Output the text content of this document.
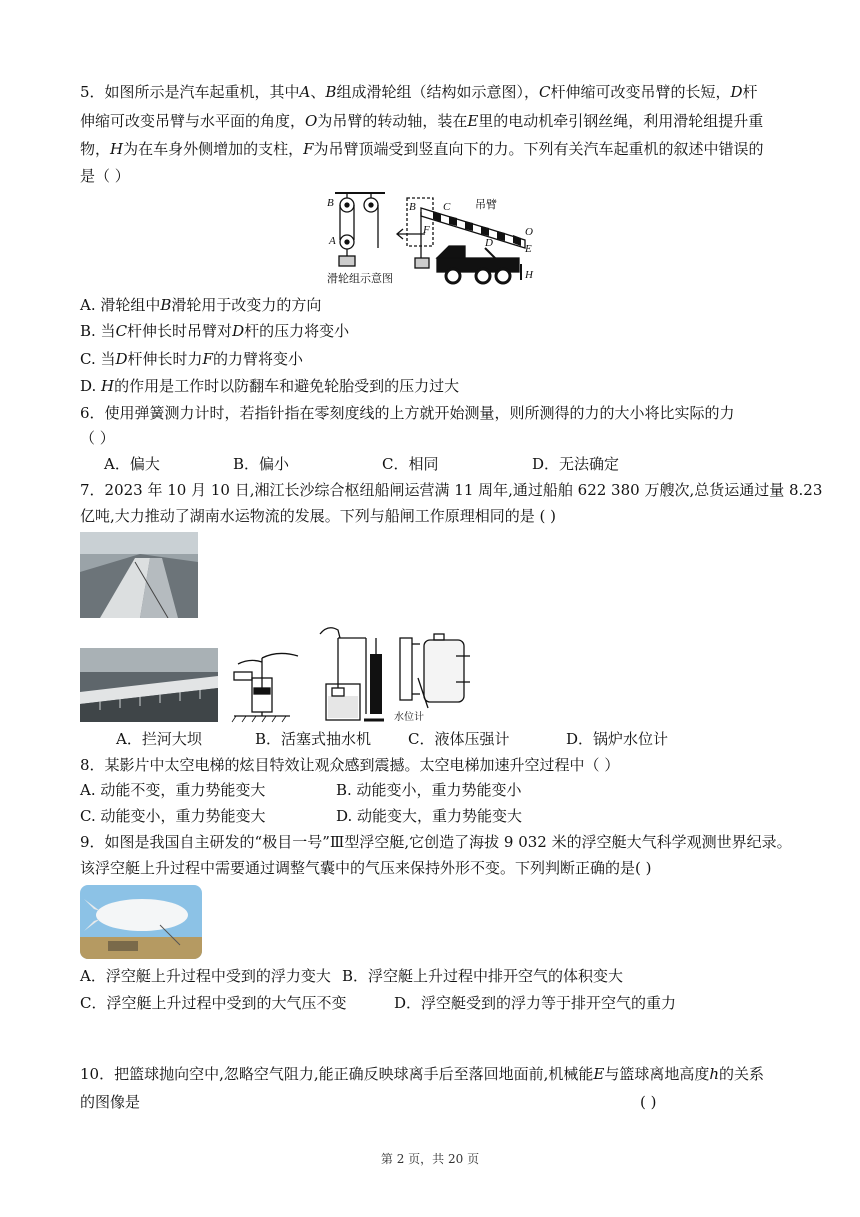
5．如图所示是汽车起重机，其中A、B组成滑轮组（结构如示意图），C杆伸缩可改变吊臂的长短，D杆
伸缩可改变吊臂与水平面的角度，O为吊臂的转动轴，装在E里的电动机牵引钢丝绳，利用滑轮组提升重
物，H为在车身外侧增加的支柱，F为吊臂顶端受到竖直向下的力。下列有关汽车起重机的叙述中错误的
是（ ）
B
A
B C
O
D	E
F
H
吊臂
滑轮组示意图
A. 滑轮组中B滑轮用于改变力的方向
B. 当C杆伸长时吊臂对D杆的压力将变小
C. 当D杆伸长时力F的力臂将变小
D. H的作用是工作时以防翻车和避免轮胎受到的压力过大
6．使用弹簧测力计时，若指针指在零刻度线的上方就开始测量，则所测得的力的大小将比实际的力
（ ）
A．偏大	B．偏小	C．相同	D．无法确定
7．2023 年 10 月 10 日,湘江长沙综合枢纽船闸运营满 11 周年,通过船舶 622 380 万艘次,总货运通过量 8.23
亿吨,大力推动了湖南水运物流的发展。下列与船闸工作原理相同的是 ( )
水位计
A．拦河大坝	B．活塞式抽水机 C．液体压强计	D．锅炉水位计
8．某影片中太空电梯的炫目特效让观众感到震撼。太空电梯加速升空过程中（ ）
A. 动能不变，重力势能变大	B. 动能变小，重力势能变小
C. 动能变小，重力势能变大	D. 动能变大，重力势能变大
9．如图是我国自主研发的“极目一号”Ⅲ型浮空艇,它创造了海拔 9 032 米的浮空艇大气科学观测世界纪录。
该浮空艇上升过程中需要通过调整气囊中的气压来保持外形不变。下列判断正确的是( )
A．浮空艇上升过程中受到的浮力变大 B．浮空艇上升过程中排开空气的体积变大
C．浮空艇上升过程中受到的大气压不变	D．浮空艇受到的浮力等于排开空气的重力
10．把篮球抛向空中,忽略空气阻力,能正确反映球离手后至落回地面前,机械能E与篮球离地高度h的关系
的图像是	( )
第 2 页，共 20 页
